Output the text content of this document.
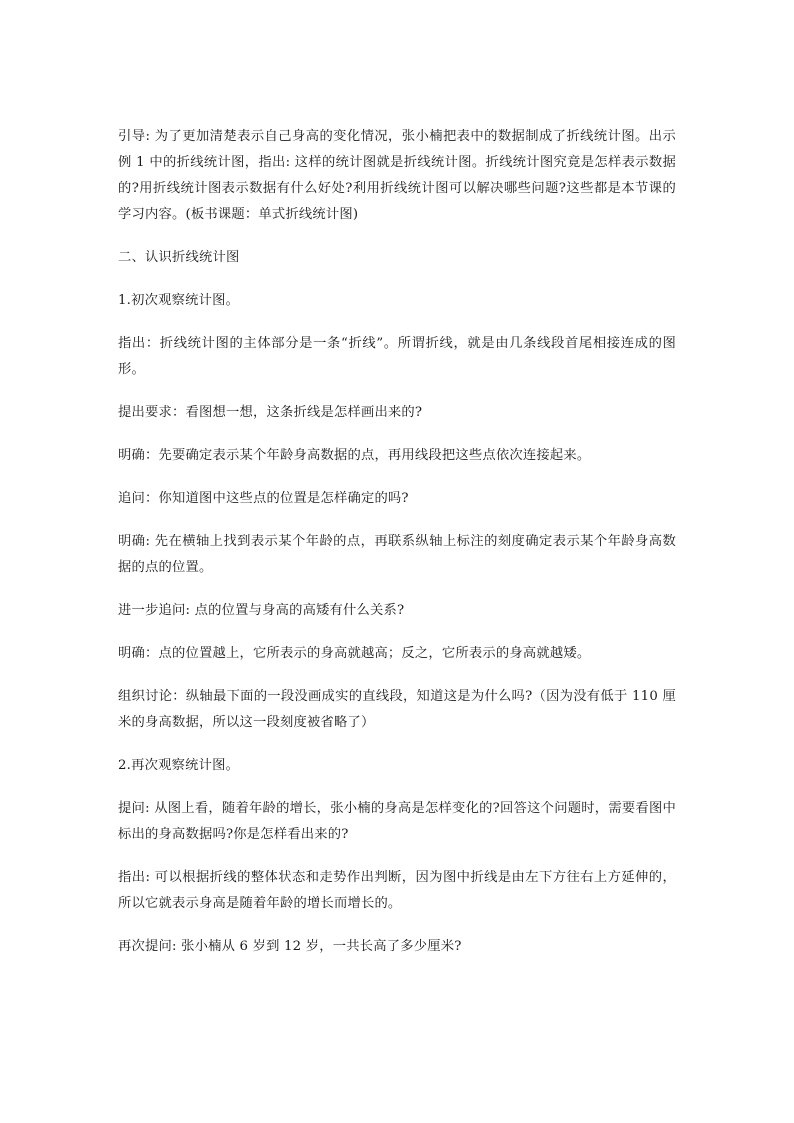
引导: 为了更加清楚表示自己身高的变化情况，张小楠把表中的数据制成了折线统计图。出示例 1 中的折线统计图，指出: 这样的统计图就是折线统计图。折线统计图究竟是怎样表示数据的?用折线统计图表示数据有什么好处?利用折线统计图可以解决哪些问题?这些都是本节课的学习内容。(板书课题：单式折线统计图)

二、认识折线统计图

1.初次观察统计图。

指出：折线统计图的主体部分是一条“折线”。所谓折线，就是由几条线段首尾相接连成的图形。

提出要求：看图想一想，这条折线是怎样画出来的?

明确：先要确定表示某个年龄身高数据的点，再用线段把这些点依次连接起来。

追问：你知道图中这些点的位置是怎样确定的吗?

明确: 先在横轴上找到表示某个年龄的点，再联系纵轴上标注的刻度确定表示某个年龄身高数据的点的位置。

进一步追问: 点的位置与身高的高矮有什么关系?

明确：点的位置越上，它所表示的身高就越高；反之，它所表示的身高就越矮。

组织讨论：纵轴最下面的一段没画成实的直线段，知道这是为什么吗?（因为没有低于 110 厘米的身高数据，所以这一段刻度被省略了）

2.再次观察统计图。

提问: 从图上看，随着年龄的增长，张小楠的身高是怎样变化的?回答这个问题时，需要看图中标出的身高数据吗?你是怎样看出来的?

指出: 可以根据折线的整体状态和走势作出判断，因为图中折线是由左下方往右上方延伸的，所以它就表示身高是随着年龄的增长而增长的。

再次提问: 张小楠从 6 岁到 12 岁，一共长高了多少厘米?
